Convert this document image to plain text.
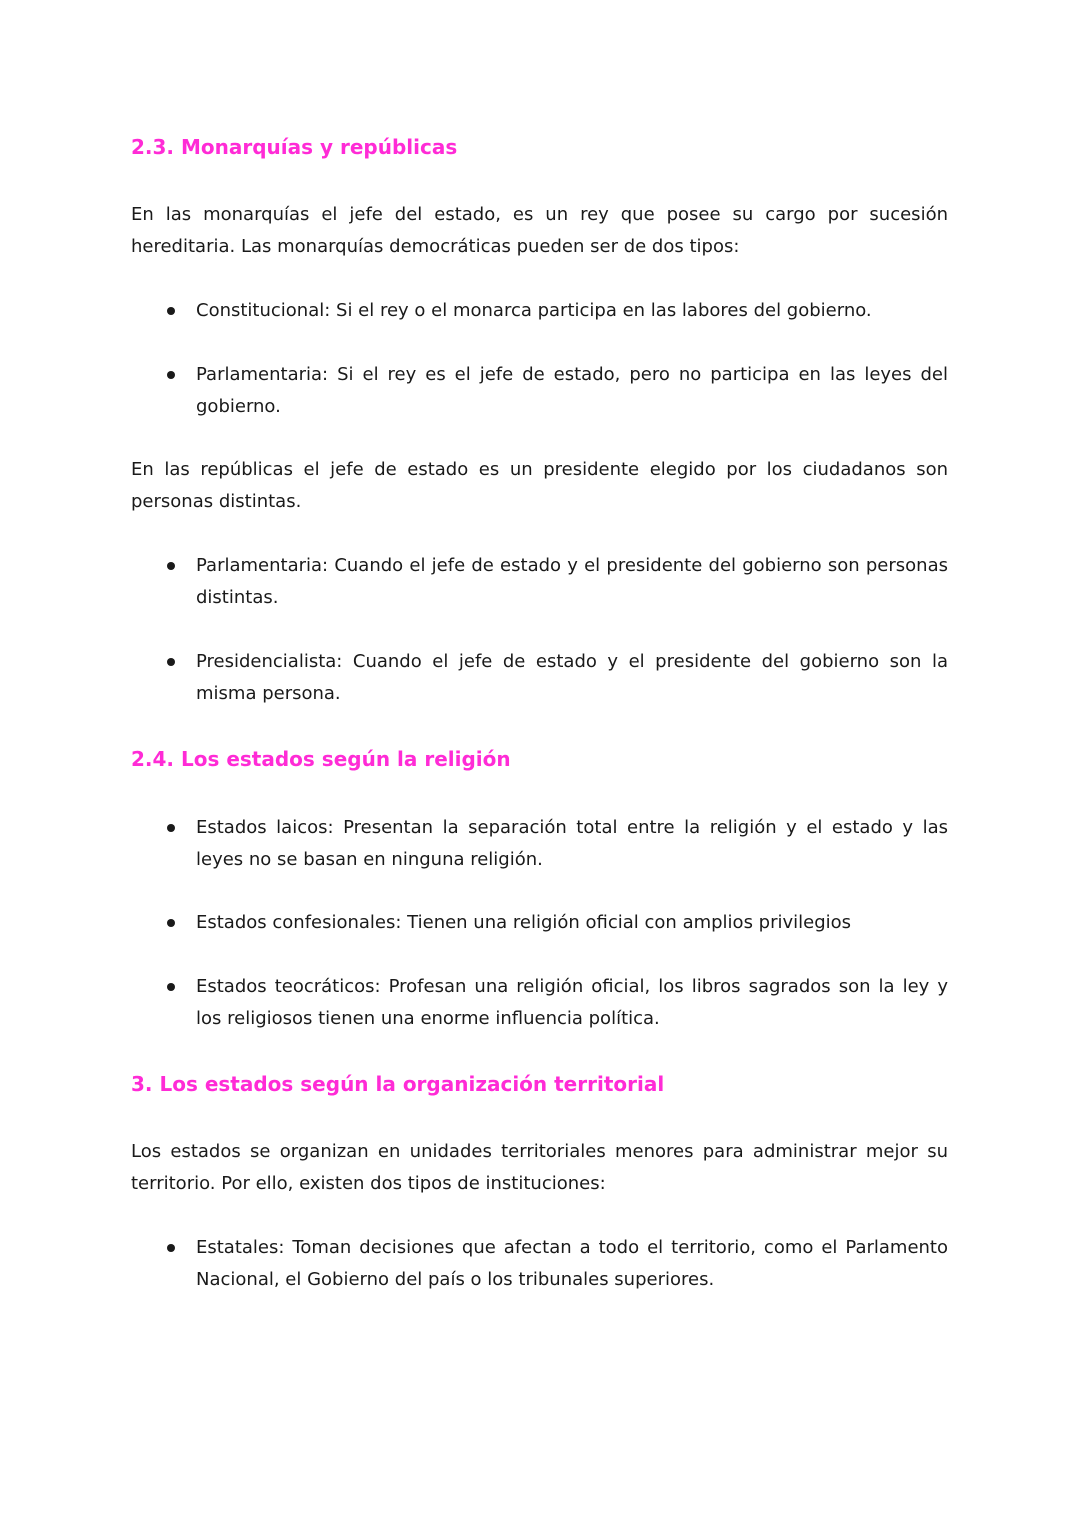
2.3. Monarquías y repúblicas

En las monarquías el jefe del estado, es un rey que posee su cargo por sucesión hereditaria. Las monarquías democráticas pueden ser de dos tipos:

Constitucional: Si el rey o el monarca participa en las labores del gobierno.
Parlamentaria: Si el rey es el jefe de estado, pero no participa en las leyes del gobierno.

En las repúblicas el jefe de estado es un presidente elegido por los ciudadanos son personas distintas.

Parlamentaria: Cuando el jefe de estado y el presidente del gobierno son personas distintas.
Presidencialista: Cuando el jefe de estado y el presidente del gobierno son la misma persona.
2.4. Los estados según la religión
Estados laicos: Presentan la separación total entre la religión y el estado y las leyes no se basan en ninguna religión.
Estados confesionales: Tienen una religión oficial con amplios privilegios
Estados teocráticos: Profesan una religión oficial, los libros sagrados son la ley y los religiosos tienen una enorme influencia política.
3. Los estados según la organización territorial

Los estados se organizan en unidades territoriales menores para administrar mejor su territorio. Por ello, existen dos tipos de instituciones:

Estatales: Toman decisiones que afectan a todo el territorio, como el Parlamento Nacional, el Gobierno del país o los tribunales superiores.
